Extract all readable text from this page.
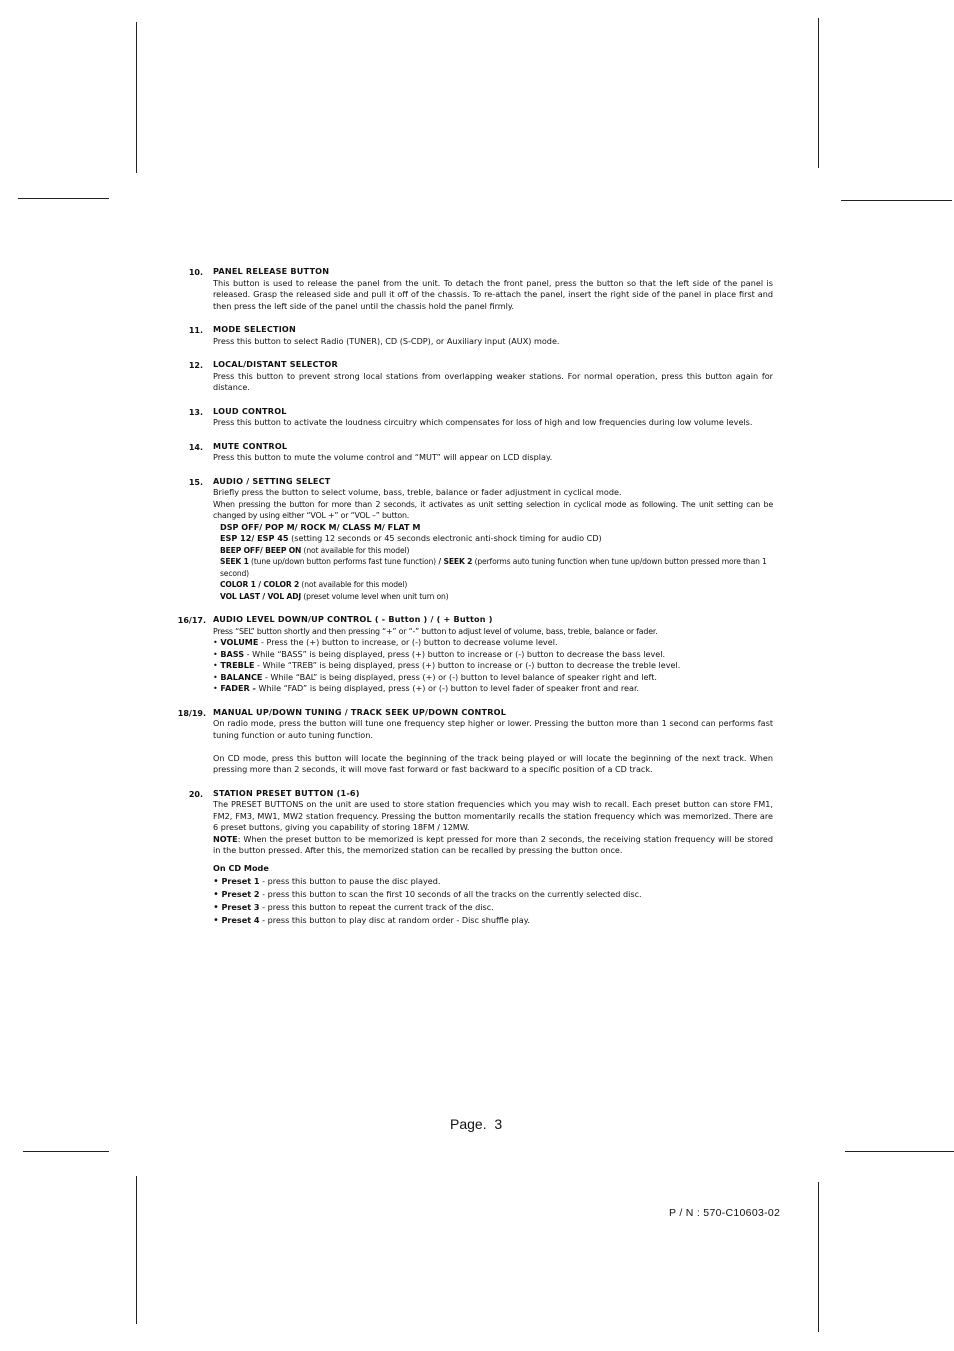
10. PANEL RELEASE BUTTON
This button is used to release the panel from the unit. To detach the front panel, press the button so that the left side of the panel is released. Grasp the released side and pull it off of the chassis. To re-attach the panel, insert the right side of the panel in place first and then press the left side of the panel until the chassis hold the panel firmly.
11. MODE SELECTION
Press this button to select Radio (TUNER), CD (S-CDP), or Auxiliary input (AUX) mode.
12. LOCAL/DISTANT SELECTOR
Press this button to prevent strong local stations from overlapping weaker stations. For normal operation, press this button again for distance.
13. LOUD CONTROL
Press this button to activate the loudness circuitry which compensates for loss of high and low frequencies during low volume levels.
14. MUTE CONTROL
Press this button to mute the volume control and “MUT” will appear on LCD display.
15. AUDIO / SETTING SELECT
Briefly press the button to select volume, bass, treble, balance or fader adjustment in cyclical mode.
When pressing the button for more than 2 seconds, it activates as unit setting selection in cyclical mode as following. The unit setting can be changed by using either “VOL +” or “VOL –” button.
DSP OFF/ POP M/ ROCK M/ CLASS M/ FLAT M
ESP 12/ ESP 45 (setting 12 seconds or 45 seconds electronic anti-shock timing for audio CD)
BEEP OFF/ BEEP ON (not available for this model)
SEEK 1 (tune up/down button performs fast tune function) / SEEK 2 (performs auto tuning function when tune up/down button pressed more than 1 second)
COLOR 1 / COLOR 2 (not available for this model)
VOL LAST / VOL ADJ (preset volume level when unit turn on)
16/17. AUDIO LEVEL DOWN/UP CONTROL ( - Button ) / ( + Button )
Press “SEL” button shortly and then pressing “+” or “-” button to adjust level of volume, bass, treble, balance or fader.
• VOLUME - Press the (+) button to increase, or (-) button to decrease volume level.
• BASS - While “BASS” is being displayed, press (+) button to increase or (-) button to decrease the bass level.
• TREBLE - While “TREB” is being displayed, press (+) button to increase or (-) button to decrease the treble level.
• BALANCE - While “BAL” is being displayed, press (+) or (-) button to level balance of speaker right and left.
• FADER - While “FAD” is being displayed, press (+) or (-) button to level fader of speaker front and rear.
18/19. MANUAL UP/DOWN TUNING / TRACK SEEK UP/DOWN CONTROL
On radio mode, press the button will tune one frequency step higher or lower. Pressing the button more than 1 second can performs fast tuning function or auto tuning function.
On CD mode, press this button will locate the beginning of the track being played or will locate the beginning of the next track. When pressing more than 2 seconds, it will move fast forward or fast backward to a specific position of a CD track.
20. STATION PRESET BUTTON (1-6)
The PRESET BUTTONS on the unit are used to store station frequencies which you may wish to recall. Each preset button can store FM1, FM2, FM3, MW1, MW2 station frequency. Pressing the button momentarily recalls the station frequency which was memorized. There are 6 preset buttons, giving you capability of storing 18FM / 12MW.
NOTE: When the preset button to be memorized is kept pressed for more than 2 seconds, the receiving station frequency will be stored in the button pressed. After this, the memorized station can be recalled by pressing the button once.
On CD Mode
• Preset 1 - press this button to pause the disc played.
• Preset 2 - press this button to scan the first 10 seconds of all the tracks on the currently selected disc.
• Preset 3 - press this button to repeat the current track of the disc.
• Preset 4 - press this button to play disc at random order - Disc shuffle play.
Page.  3
P / N : 570-C10603-02
